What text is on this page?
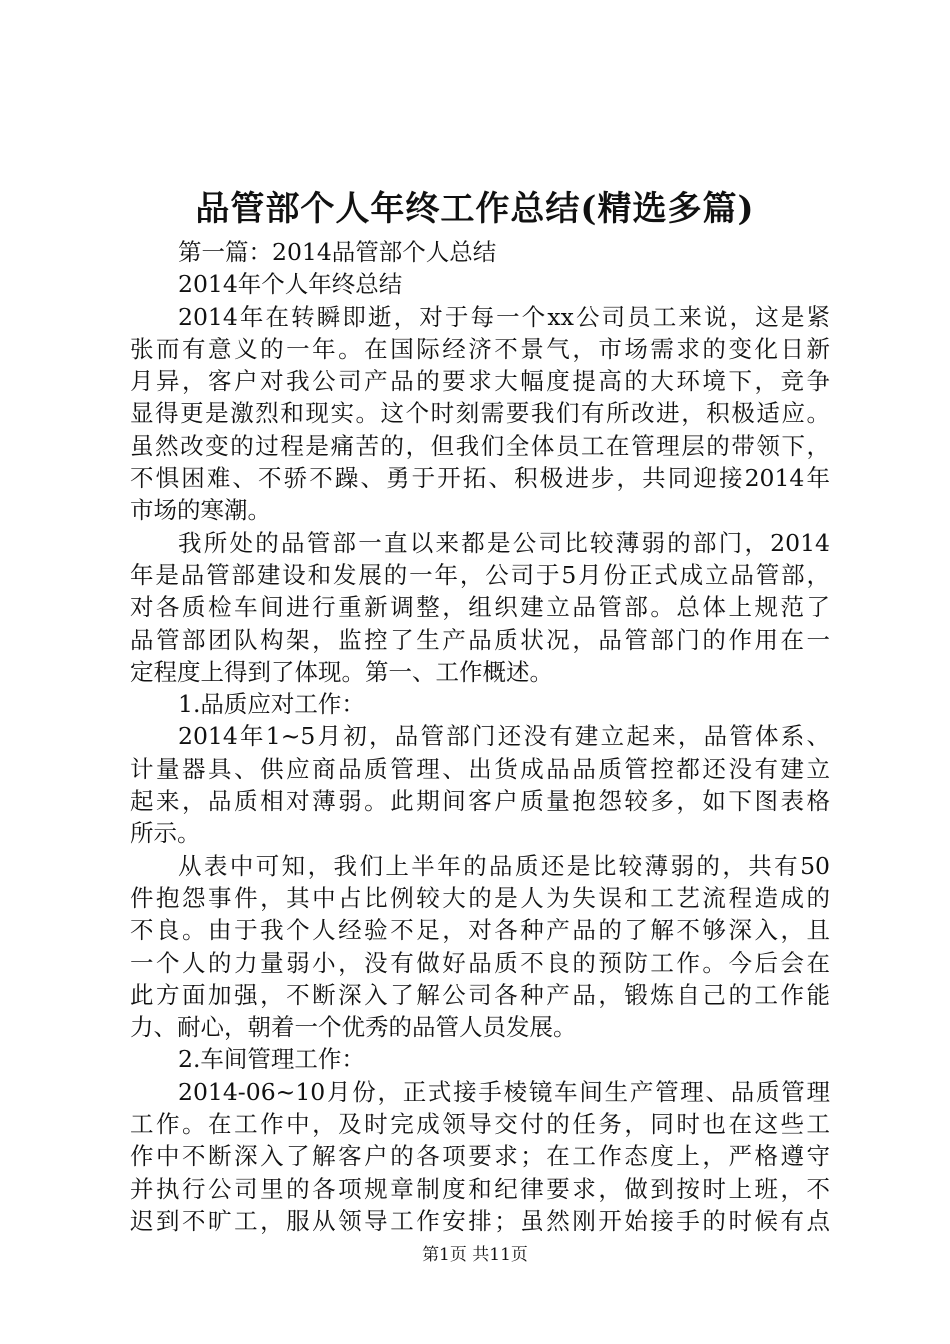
品管部个人年终工作总结(精选多篇)
第一篇：2014品管部个人总结
2014年个人年终总结
2014年在转瞬即逝，对于每一个xx公司员工来说，这是紧
张而有意义的一年。在国际经济不景气，市场需求的变化日新
月异，客户对我公司产品的要求大幅度提高的大环境下，竞争
显得更是激烈和现实。这个时刻需要我们有所改进，积极适应。
虽然改变的过程是痛苦的，但我们全体员工在管理层的带领下，
不惧困难、不骄不躁、勇于开拓、积极进步，共同迎接2014年
市场的寒潮。
我所处的品管部一直以来都是公司比较薄弱的部门，2014
年是品管部建设和发展的一年，公司于5月份正式成立品管部，
对各质检车间进行重新调整，组织建立品管部。总体上规范了
品管部团队构架，监控了生产品质状况，品管部门的作用在一
定程度上得到了体现。第一、工作概述。
1.品质应对工作：
2014年1~5月初，品管部门还没有建立起来，品管体系、
计量器具、供应商品质管理、出货成品品质管控都还没有建立
起来，品质相对薄弱。此期间客户质量抱怨较多，如下图表格
所示。
从表中可知，我们上半年的品质还是比较薄弱的，共有50
件抱怨事件，其中占比例较大的是人为失误和工艺流程造成的
不良。由于我个人经验不足，对各种产品的了解不够深入，且
一个人的力量弱小，没有做好品质不良的预防工作。今后会在
此方面加强，不断深入了解公司各种产品，锻炼自己的工作能
力、耐心，朝着一个优秀的品管人员发展。
2.车间管理工作：
2014-06~10月份，正式接手棱镜车间生产管理、品质管理
工作。在工作中，及时完成领导交付的任务，同时也在这些工
作中不断深入了解客户的各项要求；在工作态度上，严格遵守
并执行公司里的各项规章制度和纪律要求，做到按时上班，不
迟到不旷工，服从领导工作安排；虽然刚开始接手的时候有点
第1页 共11页
